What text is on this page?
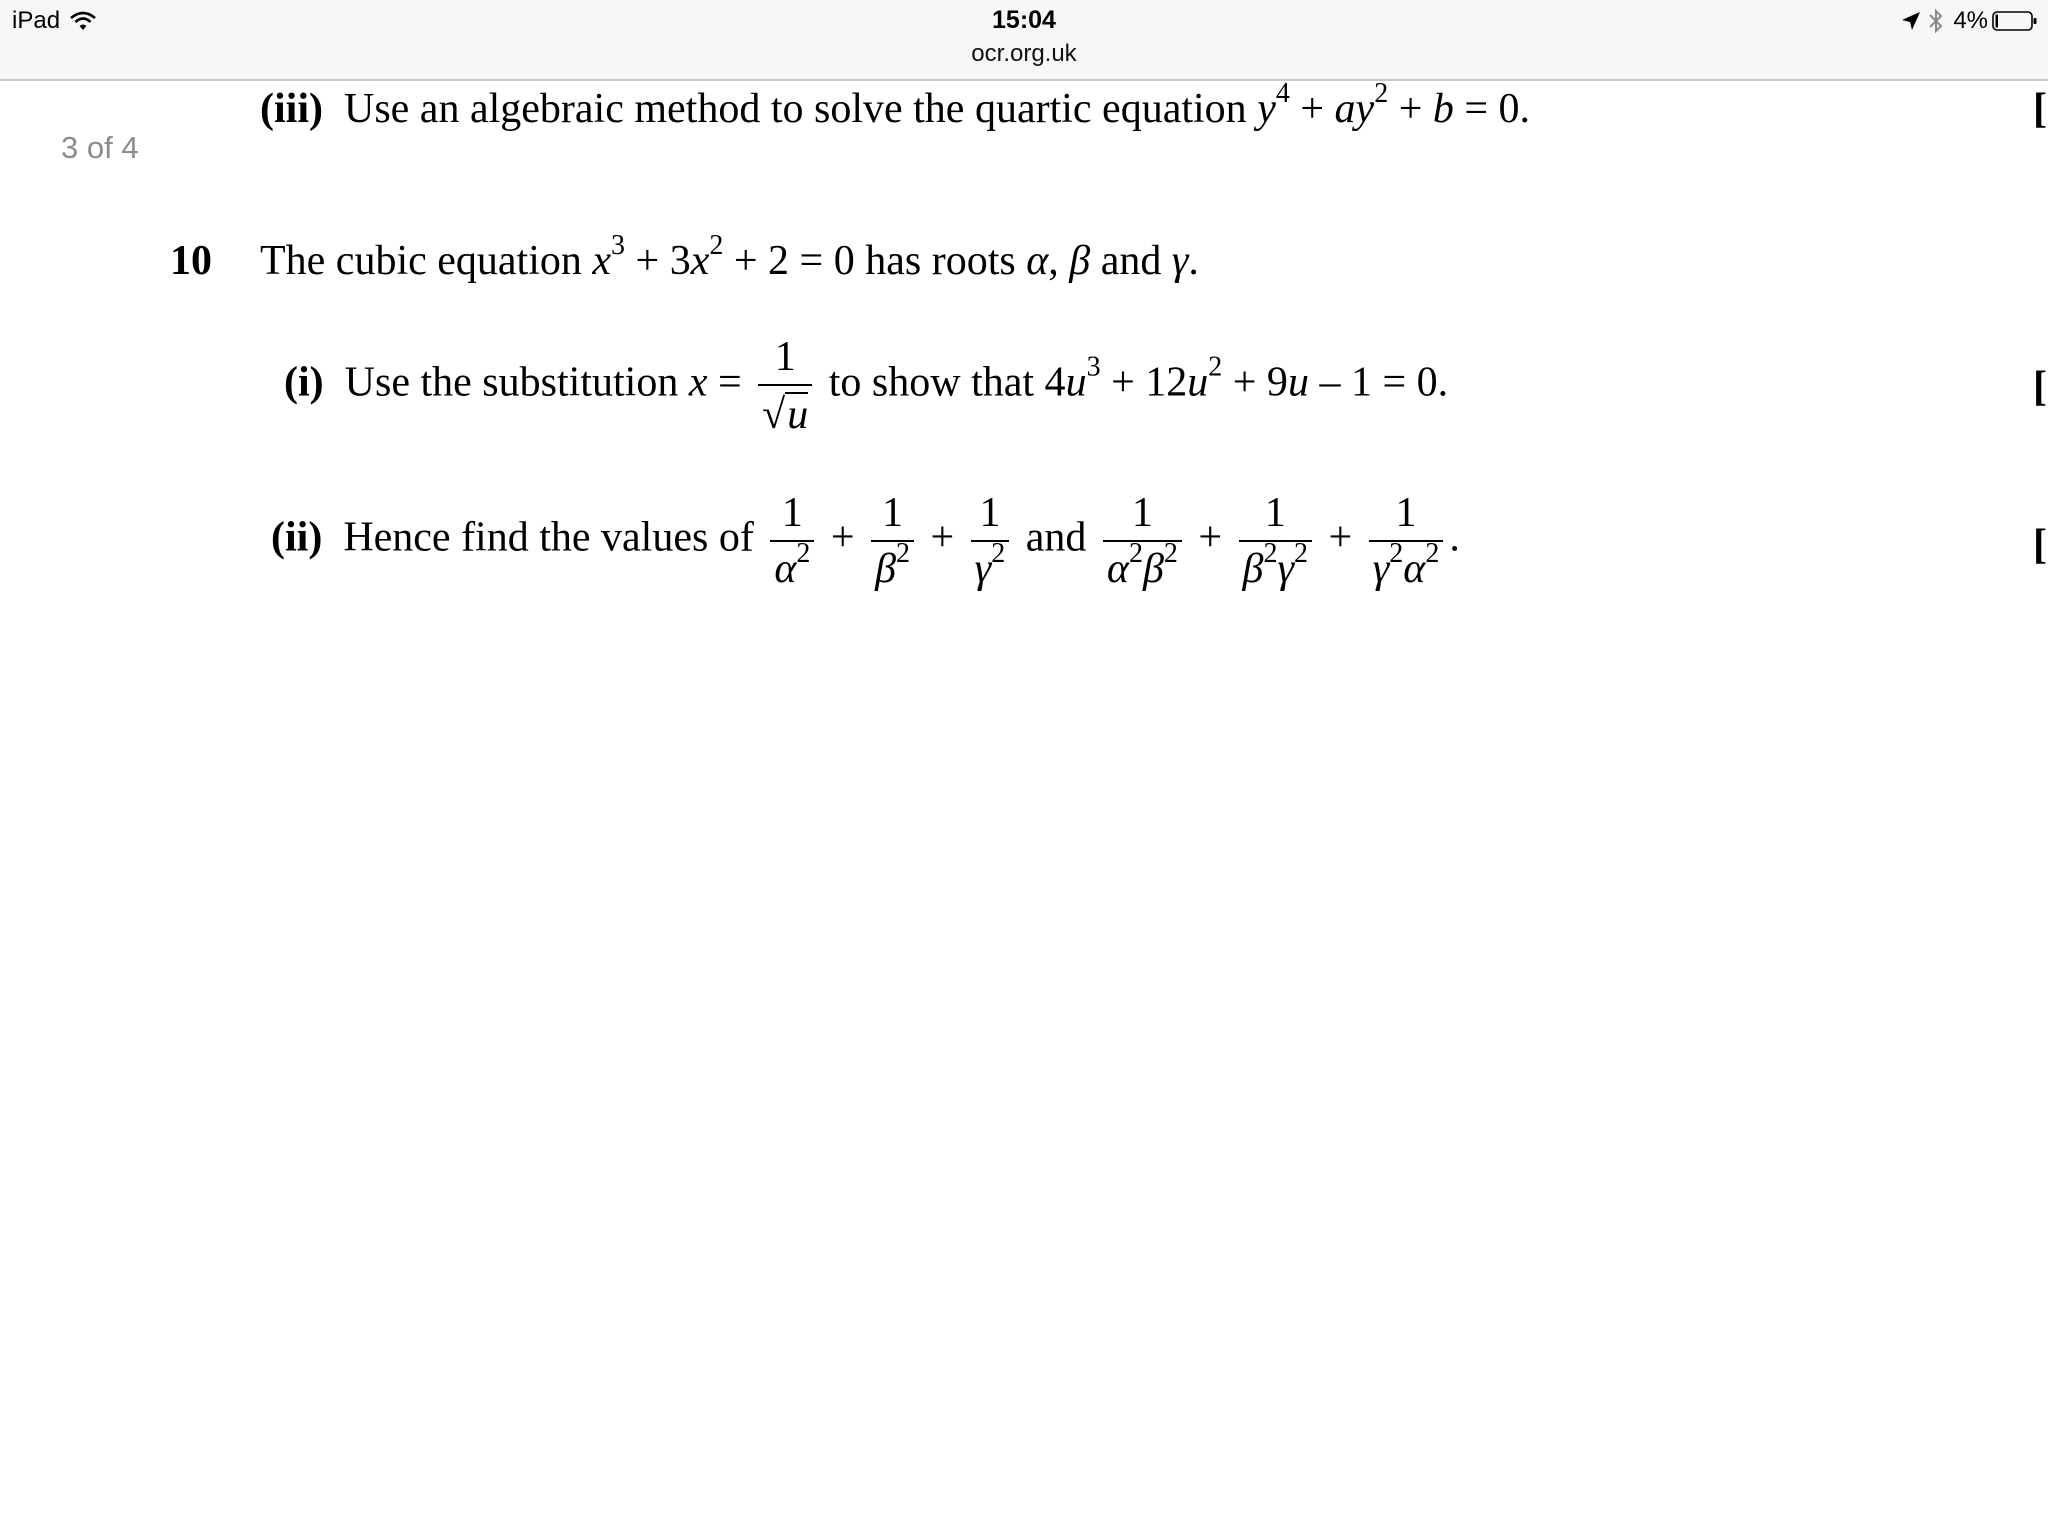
iPad	15:04
ocr.org.uk
4%
3 of 4
(iii) Use an algebraic method to solve the quartic equation $y^4 + ay^2 + b = 0$.	[
10 The cubic equation $x^3 + 3x^2 + 2 = 0$ has roots α, β and γ.
(i) Use the substitution $x = \frac{1}{√u}$ to show that $4u^3 + 12u^2 + 9u - 1 = 0$.	[
(ii) Hence find the values of $\frac{1}{\alpha^2} + \frac{1}{\beta^2} + \frac{1}{\gamma^2}$ and $\frac{1}{\alpha^2\beta^2} + \frac{1}{\beta^2\gamma^2} + \frac{1}{\gamma^2\alpha^2}$ .	[
